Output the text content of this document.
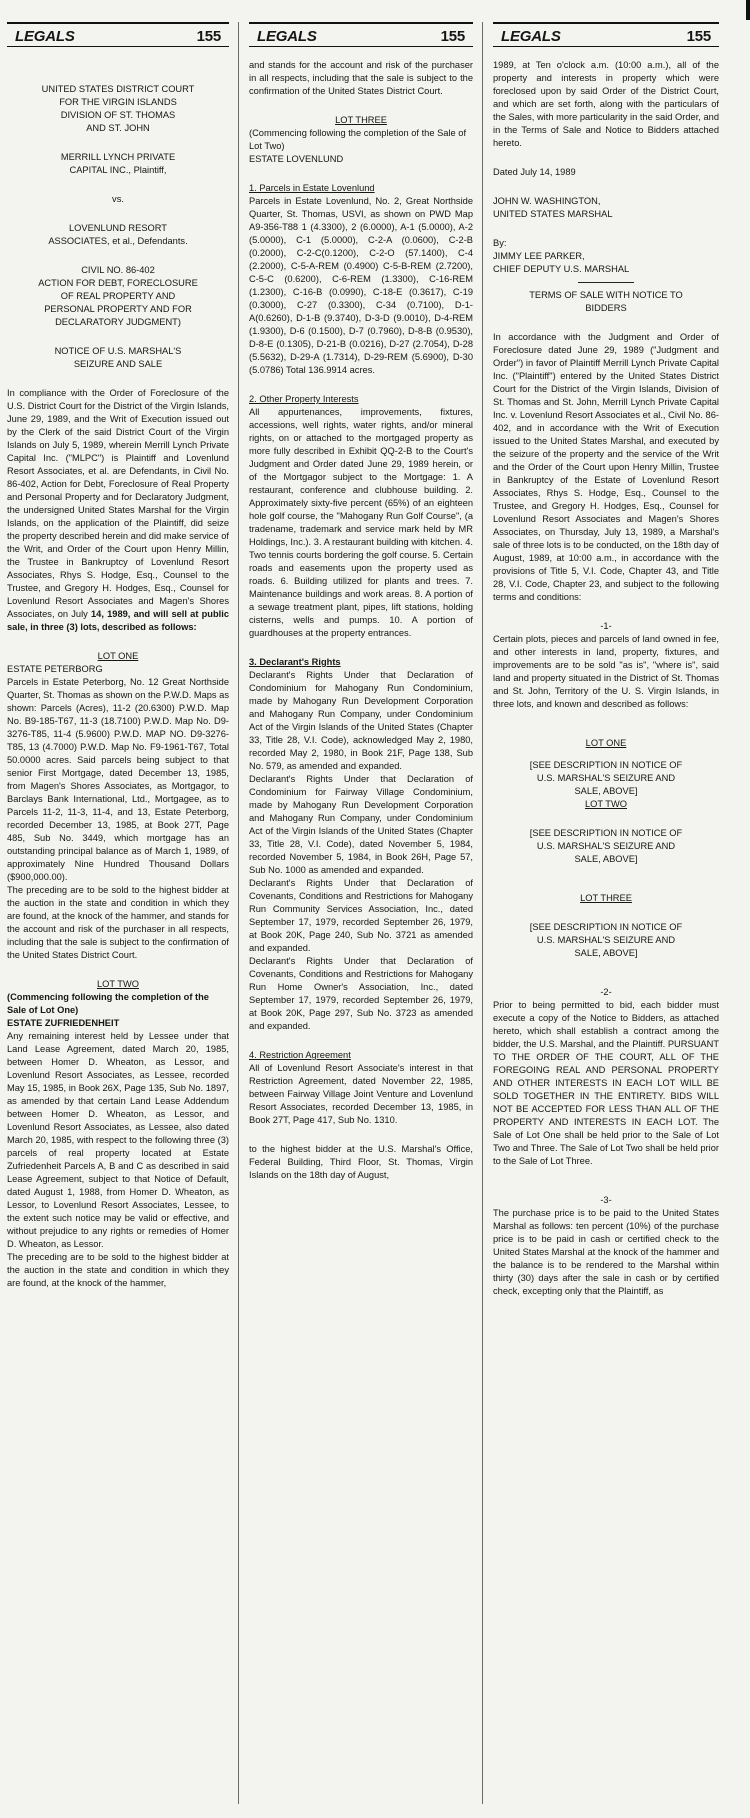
LEGALS	155
UNITED STATES DISTRICT COURT
FOR THE VIRGIN ISLANDS
DIVISION OF ST. THOMAS
AND ST. JOHN
MERRILL LYNCH PRIVATE
CAPITAL INC., Plaintiff,
vs.
LOVENLUND RESORT
ASSOCIATES, et al., Defendants.
CIVIL NO. 86-402
ACTION FOR DEBT, FORECLOSURE
OF REAL PROPERTY AND
PERSONAL PROPERTY AND FOR
DECLARATORY JUDGMENT)
NOTICE OF U.S. MARSHAL'S
SEIZURE AND SALE

In compliance with the Order of Foreclosure of the U.S. District Court for the District of the Virgin Islands, June 29, 1989, and the Writ of Execution issued out by the Clerk of the said District Court of the Virgin Islands on July 5, 1989, wherein Merrill Lynch Private Capital Inc. ("MLPC") is Plaintiff and Lovenlund Resort Associates, et al. are Defendants, in Civil No. 86-402, Action for Debt, Foreclosure of Real Property and Personal Property and for Declaratory Judgment, the undersigned United States Marshal for the Virgin Islands, on the application of the Plaintiff, did seize the property described herein and did make service of the Writ, and Order of the Court upon Henry Millin, the Trustee in Bankruptcy of Lovenlund Resort Associates, Rhys S. Hodge, Esq., Counsel to the Trustee, and Gregory H. Hodges, Esq., Counsel for Lovenlund Resort Associates and Magen's Shores Associates, on July 14, 1989, and will sell at public sale, in three (3) lots, described as follows:

LOT ONE
ESTATE PETERBORG

Parcels in Estate Peterborg, No. 12 Great Northside Quarter, St. Thomas as shown on the P.W.D. Maps as shown: Parcels (Acres), 11-2 (20.6300) P.W.D. Map No. B9-185-T67, 11-3 (18.7100) P.W.D. Map No. D9-3276-T85, 11-4 (5.9600) P.W.D. MAP NO. D9-3276-T85, 13 (4.7000) P.W.D. Map No. F9-1961-T67, Total 50.0000 acres. Said parcels being subject to that senior First Mortgage, dated December 13, 1985, from Magen's Shores Associates, as Mortgagor, to Barclays Bank International, Ltd., Mortgagee, as to Parcels 11-2, 11-3, 11-4, and 13, Estate Peterborg, recorded December 13, 1985, at Book 27T, Page 485, Sub No. 3449, which mortgage has an outstanding principal balance as of March 1, 1989, of approximately Nine Hundred Thousand Dollars ($900,000.00).

The preceding are to be sold to the highest bidder at the auction in the state and condition in which they are found, at the knock of the hammer, and stands for the account and risk of the purchaser in all respects, including that the sale is subject to the confirmation of the United States District Court.

LOT TWO
(Commencing following the completion of the Sale of Lot One)
ESTATE ZUFRIEDENHEIT

Any remaining interest held by Lessee under that Land Lease Agreement, dated March 20, 1985, between Homer D. Wheaton, as Lessor, and Lovenlund Resort Associates, as Lessee, recorded May 15, 1985, in Book 26X, Page 135, Sub No. 1897, as amended by that certain Land Lease Addendum between Homer D. Wheaton, as Lessor, and Lovenlund Resort Associates, as Lessee, also dated March 20, 1985, with respect to the following three (3) parcels of real property located at Estate Zufriedenheit Parcels A, B and C as described in said Lease Agreement, subject to that Notice of Default, dated August 1, 1988, from Homer D. Wheaton, as Lessor, to Lovenlund Resort Associates, Lessee, to the extent such notice may be valid or effective, and without prejudice to any rights or remedies of Homer D. Wheaton, as Lessor.

The preceding are to be sold to the highest bidder at the auction in the state and condition in which they are found, at the knock of the hammer,

LEGALS	155

and stands for the account and risk of the purchaser in all respects, including that the sale is subject to the confirmation of the United States District Court.

LOT THREE
(Commencing following the completion of the Sale of Lot Two)
ESTATE LOVENLUND
1. Parcels in Estate Lovenlund

Parcels in Estate Lovenlund, No. 2, Great Northside Quarter, St. Thomas, USVI, as shown on PWD Map A9-356-T88 1 (4.3300), 2 (6.0000), A-1 (5.0000), A-2 (5.0000), C-1 (5.0000), C-2-A (0.0600), C-2-B (0.2000), C-2-C(0.1200), C-2-O (57.1400), C-4 (2.2000), C-5-A-REM (0.4900) C-5-B-REM (2.7200), C-5-C (0.6200), C-6-REM (1.3300), C-16-REM (1.2300), C-16-B (0.0990), C-18-E (0.3617), C-19 (0.3000), C-27 (0.3300), C-34 (0.7100), D-1-A(0.6260), D-1-B (9.3740), D-3-D (9.0010), D-4-REM (1.9300), D-6 (0.1500), D-7 (0.7960), D-8-B (0.9530), D-8-E (0.1305), D-21-B (0.0216), D-27 (2.7054), D-28 (5.5632), D-29-A (1.7314), D-29-REM (5.6900), D-30 (5.0786) Total 136.9914 acres.

2. Other Property Interests

All appurtenances, improvements, fixtures, accessions, well rights, water rights, and/or mineral rights, on or attached to the mortgaged property as more fully described in Exhibit QQ-2-B to the Court's Judgment and Order dated June 29, 1989 herein, or of the Mortgagor subject to the Mortgage: 1. A restaurant, conference and clubhouse building. 2. Approximately sixty-five percent (65%) of an eighteen hole golf course, the "Mahogany Run Golf Course", (a tradename, trademark and service mark held by MR Holdings, Inc.). 3. A restaurant building with kitchen. 4. Two tennis courts bordering the golf course. 5. Certain roads and easements upon the property used as roads. 6. Building utilized for plants and trees. 7. Maintenance buildings and work areas. 8. A portion of a sewage treatment plant, pipes, lift stations, holding cisterns, wells and pumps. 10. A portion of guardhouses at the property entrances.

3. Declarant's Rights

Declarant's Rights Under that Declaration of Condominium for Mahogany Run Condominium, made by Mahogany Run Development Corporation and Mahogany Run Company, under Condominium Act of the Virgin Islands of the United States (Chapter 33, Title 28, V.I. Code), acknowledged May 2, 1980, recorded May 2, 1980, in Book 21F, Page 138, Sub No. 579, as amended and expanded.

Declarant's Rights Under that Declaration of Condominium for Fairway Village Condominium, made by Mahogany Run Development Corporation and Mahogany Run Company, under Condominium Act of the Virgin Islands of the United States (Chapter 33, Title 28, V.I. Code), dated November 5, 1984, recorded November 5, 1984, in Book 26H, Page 57, Sub No. 1000 as amended and expanded.

Declarant's Rights Under that Declaration of Covenants, Conditions and Restrictions for Mahogany Run Community Services Association, Inc., dated September 17, 1979, recorded September 26, 1979, at Book 20K, Page 240, Sub No. 3721 as amended and expanded.

Declarant's Rights Under that Declaration of Covenants, Conditions and Restrictions for Mahogany Run Home Owner's Association, Inc., dated September 17, 1979, recorded September 26, 1979, at Book 20K, Page 297, Sub No. 3723 as amended and expanded.

4. Restriction Agreement

All of Lovenlund Resort Associate's interest in that Restriction Agreement, dated November 22, 1985, between Fairway Village Joint Venture and Lovenlund Resort Associates, recorded December 13, 1985, in Book 27T, Page 417, Sub No. 1310.

to the highest bidder at the U.S. Marshal's Office, Federal Building, Third Floor, St. Thomas, Virgin Islands on the 18th day of August,

LEGALS	155

1989, at Ten o'clock a.m. (10:00 a.m.), all of the property and interests in property which were foreclosed upon by said Order of the District Court, and which are set forth, along with the particulars of the Sales, with more particularity in the said Order, and in the Terms of Sale and Notice to Bidders attached hereto.

Dated July 14, 1989
JOHN W. WASHINGTON,
UNITED STATES MARSHAL
By:
JIMMY LEE PARKER,
CHIEF DEPUTY U.S. MARSHAL
TERMS OF SALE WITH NOTICE TO
BIDDERS

In accordance with the Judgment and Order of Foreclosure dated June 29, 1989 ("Judgment and Order") in favor of Plaintiff Merrill Lynch Private Capital Inc. ("Plaintiff") entered by the United States District Court for the District of the Virgin Islands, Division of St. Thomas and St. John, Merrill Lynch Private Capital Inc. v. Lovenlund Resort Associates et al., Civil No. 86-402, and in accordance with the Writ of Execution issued to the United States Marshal, and executed by the seizure of the property and the service of the Writ and the Order of the Court upon Henry Millin, Trustee in Bankruptcy of the Estate of Lovenlund Resort Associates, Rhys S. Hodge, Esq., Counsel to the Trustee, and Gregory H. Hodges, Esq., Counsel for Lovenlund Resort Associates and Magen's Shores Associates, on Thursday, July 13, 1989, a Marshal's sale of three lots is to be conducted, on the 18th day of August, 1989, at 10:00 a.m., in accordance with the provisions of Title 5, V.I. Code, Chapter 43, and Title 28, V.I. Code, Chapter 23, and subject to the following terms and conditions:

-1-

Certain plots, pieces and parcels of land owned in fee, and other interests in land, property, fixtures, and improvements are to be sold "as is", "where is", said land and property situated in the District of St. Thomas and St. John, Territory of the U. S. Virgin Islands, in three lots, and known and described as follows:

LOT ONE
[SEE DESCRIPTION IN NOTICE OF
U.S. MARSHAL'S SEIZURE AND
SALE, ABOVE]
LOT TWO
[SEE DESCRIPTION IN NOTICE OF
U.S. MARSHAL'S SEIZURE AND
SALE, ABOVE]
LOT THREE
[SEE DESCRIPTION IN NOTICE OF
U.S. MARSHAL'S SEIZURE AND
SALE, ABOVE]
-2-

Prior to being permitted to bid, each bidder must execute a copy of the Notice to Bidders, as attached hereto, which shall establish a contract among the bidder, the U.S. Marshal, and the Plaintiff. PURSUANT TO THE ORDER OF THE COURT, ALL OF THE FOREGOING REAL AND PERSONAL PROPERTY AND OTHER INTERESTS IN EACH LOT WILL BE SOLD TOGETHER IN THE ENTIRETY. BIDS WILL NOT BE ACCEPTED FOR LESS THAN ALL OF THE PROPERTY AND INTERESTS IN EACH LOT. The Sale of Lot One shall be held prior to the Sale of Lot Two and Three. The Sale of Lot Two shall be held prior to the Sale of Lot Three.

-3-

The purchase price is to be paid to the United States Marshal as follows: ten percent (10%) of the purchase price is to be paid in cash or certified check to the United States Marshal at the knock of the hammer and the balance is to be rendered to the Marshal within thirty (30) days after the sale in cash or by certified check, excepting only that the Plaintiff, as
